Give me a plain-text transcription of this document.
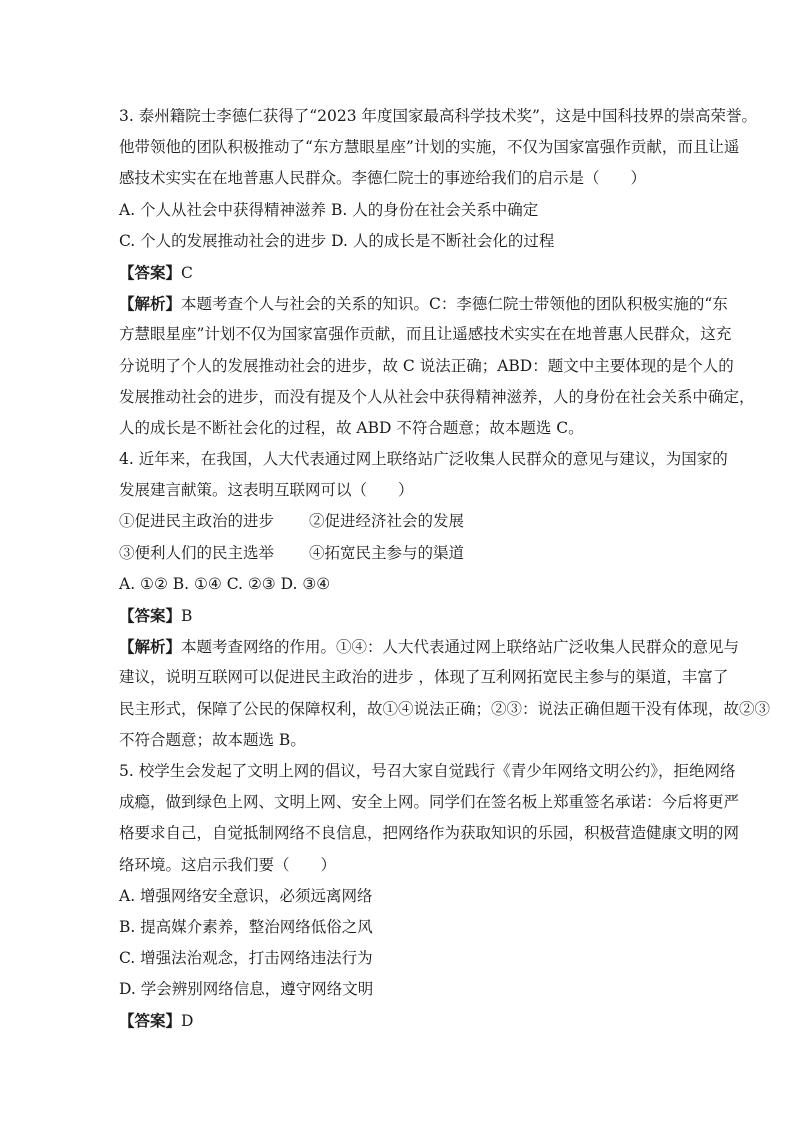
3. 泰州籍院士李德仁获得了“2023 年度国家最高科学技术奖”，这是中国科技界的崇高荣誉。
他带领他的团队积极推动了“东方慧眼星座”计划的实施，不仅为国家富强作贡献，而且让遥
感技术实实在在地普惠人民群众。李德仁院士的事迹给我们的启示是（　　）
A. 个人从社会中获得精神滋养 B. 人的身份在社会关系中确定
C. 个人的发展推动社会的进步 D. 人的成长是不断社会化的过程
【答案】C
【解析】本题考查个人与社会的关系的知识。C：李德仁院士带领他的团队积极实施的“东
方慧眼星座”计划不仅为国家富强作贡献，而且让遥感技术实实在在地普惠人民群众，这充
分说明了个人的发展推动社会的进步，故 C 说法正确；ABD：题文中主要体现的是个人的
发展推动社会的进步，而没有提及个人从社会中获得精神滋养，人的身份在社会关系中确定，
人的成长是不断社会化的过程，故 ABD 不符合题意；故本题选 C。
4. 近年来，在我国，人大代表通过网上联络站广泛收集人民群众的意见与建议，为国家的
发展建言献策。这表明互联网可以（　　）
①促进民主政治的进步 ②促进经济社会的发展
③便利人们的民主选举 ④拓宽民主参与的渠道
A. ①② B. ①④ C. ②③ D. ③④
【答案】B
【解析】本题考查网络的作用。①④：人大代表通过网上联络站广泛收集人民群众的意见与
建议，说明互联网可以促进民主政治的进步 ，体现了互利网拓宽民主参与的渠道，丰富了
民主形式，保障了公民的保障权利，故①④说法正确；②③：说法正确但题干没有体现，故②③
不符合题意；故本题选 B。
5. 校学生会发起了文明上网的倡议，号召大家自觉践行《青少年网络文明公约》，拒绝网络
成瘾，做到绿色上网、文明上网、安全上网。同学们在签名板上郑重签名承诺：今后将更严
格要求自己，自觉抵制网络不良信息，把网络作为获取知识的乐园，积极营造健康文明的网
络环境。这启示我们要（　　）
A. 增强网络安全意识，必须远离网络
B. 提高媒介素养，整治网络低俗之风
C. 增强法治观念，打击网络违法行为
D. 学会辨别网络信息，遵守网络文明
【答案】D
